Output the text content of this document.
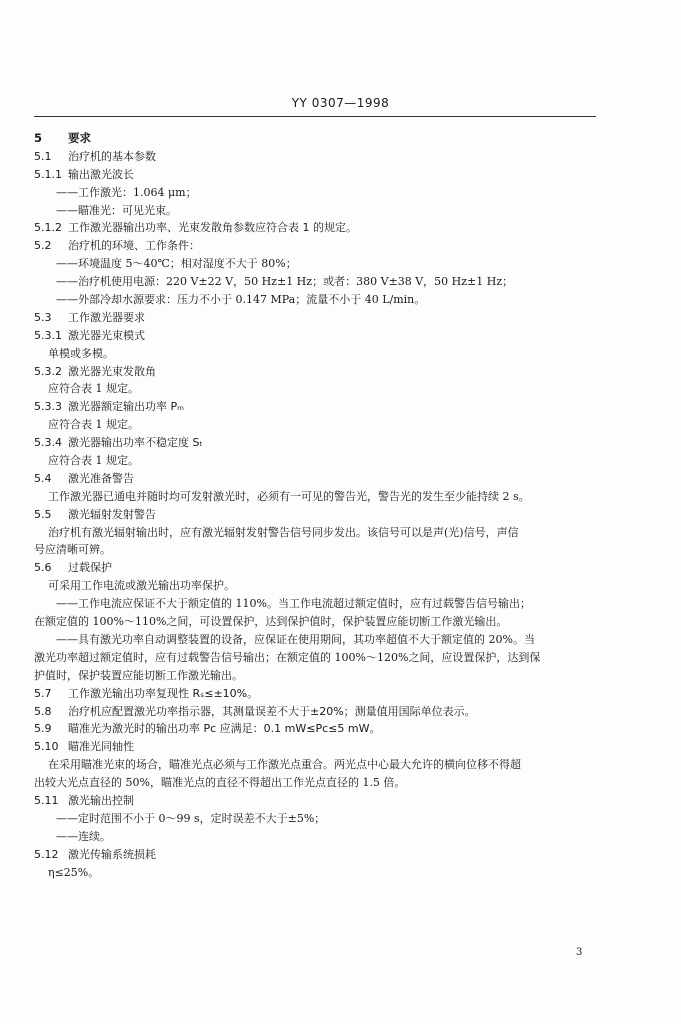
YY 0307—1998
5 要求
5.1 治疗机的基本参数
5.1.1 输出激光波长
——工作激光：1.064 μm；
——瞄准光：可见光束。
5.1.2 工作激光器输出功率、光束发散角参数应符合表 1 的规定。
5.2 治疗机的环境、工作条件：
——环境温度 5～40℃；相对湿度不大于 80%；
——治疗机使用电源：220 V±22 V，50 Hz±1 Hz；或者：380 V±38 V，50 Hz±1 Hz；
——外部冷却水源要求：压力不小于 0.147 MPa；流量不小于 40 L/min。
5.3 工作激光器要求
5.3.1 激光器光束模式
单模或多模。
5.3.2 激光器光束发散角
应符合表 1 规定。
5.3.3 激光器额定输出功率 Pₘ
应符合表 1 规定。
5.3.4 激光器输出功率不稳定度 Sₜ
应符合表 1 规定。
5.4 激光准备警告
工作激光器已通电并随时均可发射激光时，必须有一可见的警告光，警告光的发生至少能持续 2 s。
5.5 激光辐射发射警告
治疗机有激光辐射输出时，应有激光辐射发射警告信号同步发出。该信号可以是声(光)信号，声信
号应清晰可辨。
5.6 过载保护
可采用工作电流或激光输出功率保护。
——工作电流应保证不大于额定值的 110%。当工作电流超过额定值时，应有过载警告信号输出；
在额定值的 100%～110%之间，可设置保护，达到保护值时，保护装置应能切断工作激光输出。
——具有激光功率自动调整装置的设备，应保证在使用期间，其功率超值不大于额定值的 20%。当
激光功率超过额定值时，应有过载警告信号输出；在额定值的 100%～120%之间，应设置保护，达到保
护值时，保护装置应能切断工作激光输出。
5.7 工作激光输出功率复现性 Rₛ≤±10%。
5.8 治疗机应配置激光功率指示器，其测量误差不大于±20%；测量值用国际单位表示。
5.9 瞄准光为激光时的输出功率 Pc 应满足：0.1 mW≤Pc≤5 mW。
5.10 瞄准光同轴性
在采用瞄准光束的场合，瞄准光点必须与工作激光点重合。两光点中心最大允许的横向位移不得超
出较大光点直径的 50%，瞄准光点的直径不得超出工作光点直径的 1.5 倍。
5.11 激光输出控制
——定时范围不小于 0～99 s，定时误差不大于±5%；
——连续。
5.12 激光传输系统损耗
η≤25%。
3
